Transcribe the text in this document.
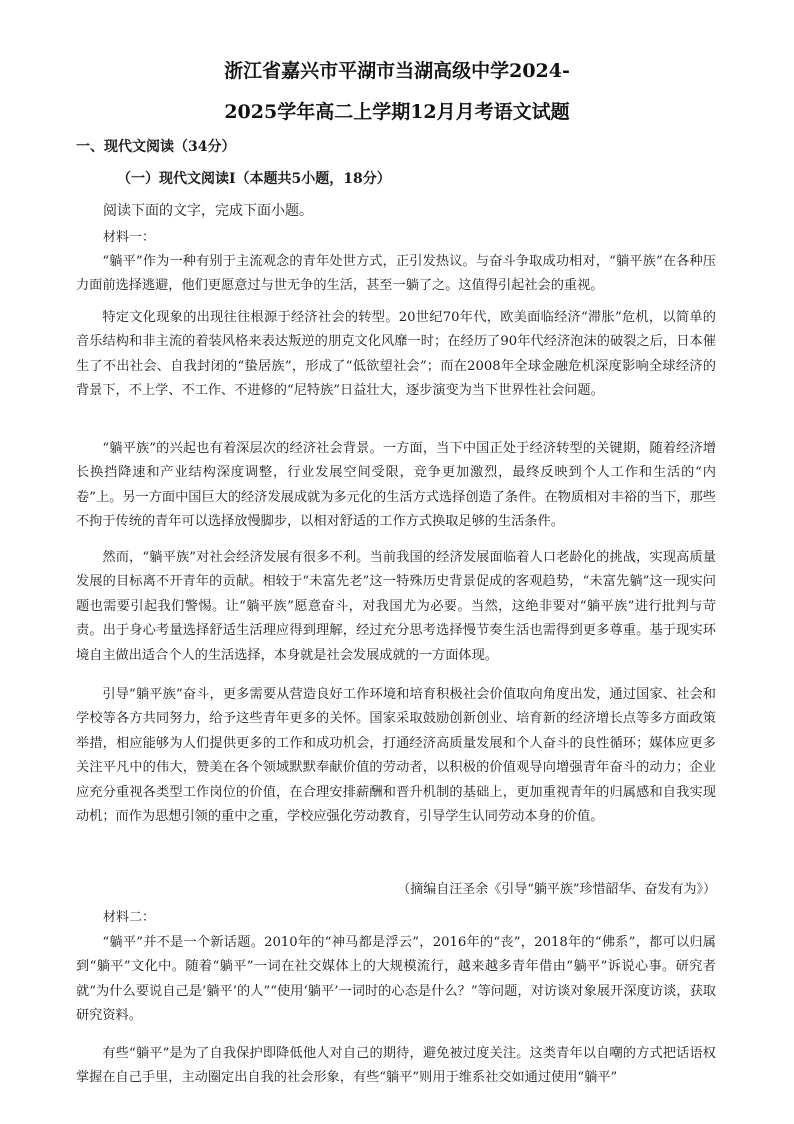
浙江省嘉兴市平湖市当湖高级中学2024-
2025学年高二上学期12月月考语文试题
一、现代文阅读（34分）
（一）现代文阅读Ⅰ（本题共5小题，18分）

阅读下面的文字，完成下面小题。

材料一：

“躺平”作为一种有别于主流观念的青年处世方式，正引发热议。与奋斗争取成功相对，“躺平族”在各种压力面前选择逃避，他们更愿意过与世无争的生活，甚至一躺了之。这值得引起社会的重视。

特定文化现象的出现往往根源于经济社会的转型。20世纪70年代，欧美面临经济“滞胀”危机，以简单的音乐结构和非主流的着装风格来表达叛逆的朋克文化风靡一时；在经历了90年代经济泡沫的破裂之后，日本催生了不出社会、自我封闭的“蛰居族”，形成了“低欲望社会”；而在2008年全球金融危机深度影响全球经济的背景下，不上学、不工作、不进修的“尼特族”日益壮大，逐步演变为当下世界性社会问题。

“躺平族”的兴起也有着深层次的经济社会背景。一方面，当下中国正处于经济转型的关键期，随着经济增长换挡降速和产业结构深度调整，行业发展空间受限，竞争更加激烈，最终反映到个人工作和生活的“内卷”上。另一方面中国巨大的经济发展成就为多元化的生活方式选择创造了条件。在物质相对丰裕的当下，那些不拘于传统的青年可以选择放慢脚步，以相对舒适的工作方式换取足够的生活条件。

然而，“躺平族”对社会经济发展有很多不利。当前我国的经济发展面临着人口老龄化的挑战，实现高质量发展的目标离不开青年的贡献。相较于“未富先老”这一特殊历史背景促成的客观趋势，“未富先躺”这一现实问题也需要引起我们警惕。让“躺平族”愿意奋斗，对我国尤为必要。当然，这绝非要对“躺平族”进行批判与苛责。出于身心考量选择舒适生活理应得到理解，经过充分思考选择慢节奏生活也需得到更多尊重。基于现实环境自主做出适合个人的生活选择，本身就是社会发展成就的一方面体现。

引导“躺平族”奋斗，更多需要从营造良好工作环境和培育积极社会价值取向角度出发，通过国家、社会和学校等各方共同努力，给予这些青年更多的关怀。国家采取鼓励创新创业、培育新的经济增长点等多方面政策举措，相应能够为人们提供更多的工作和成功机会，打通经济高质量发展和个人奋斗的良性循环；媒体应更多关注平凡中的伟大，赞美在各个领域默默奉献价值的劳动者，以积极的价值观导向增强青年奋斗的动力；企业应充分重视各类型工作岗位的价值，在合理安排薪酬和晋升机制的基础上，更加重视青年的归属感和自我实现动机；而作为思想引领的重中之重，学校应强化劳动教育，引导学生认同劳动本身的价值。

（摘编自汪圣余《引导“躺平族”珍惜韶华、奋发有为》）

材料二：

“躺平”并不是一个新话题。2010年的“神马都是浮云”，2016年的“丧”，2018年的“佛系”，都可以归属到“躺平”文化中。随着“躺平”一词在社交媒体上的大规模流行，越来越多青年借由“躺平”诉说心事。研究者就“为什么要说自己是‘躺平’的人”“使用‘躺平’一词时的心态是什么？”等问题，对访谈对象展开深度访谈，获取研究资料。

有些“躺平”是为了自我保护即降低他人对自己的期待，避免被过度关注。这类青年以自嘲的方式把话语权掌握在自己手里，主动圈定出自我的社会形象，有些“躺平”则用于维系社交如通过使用“躺平”
